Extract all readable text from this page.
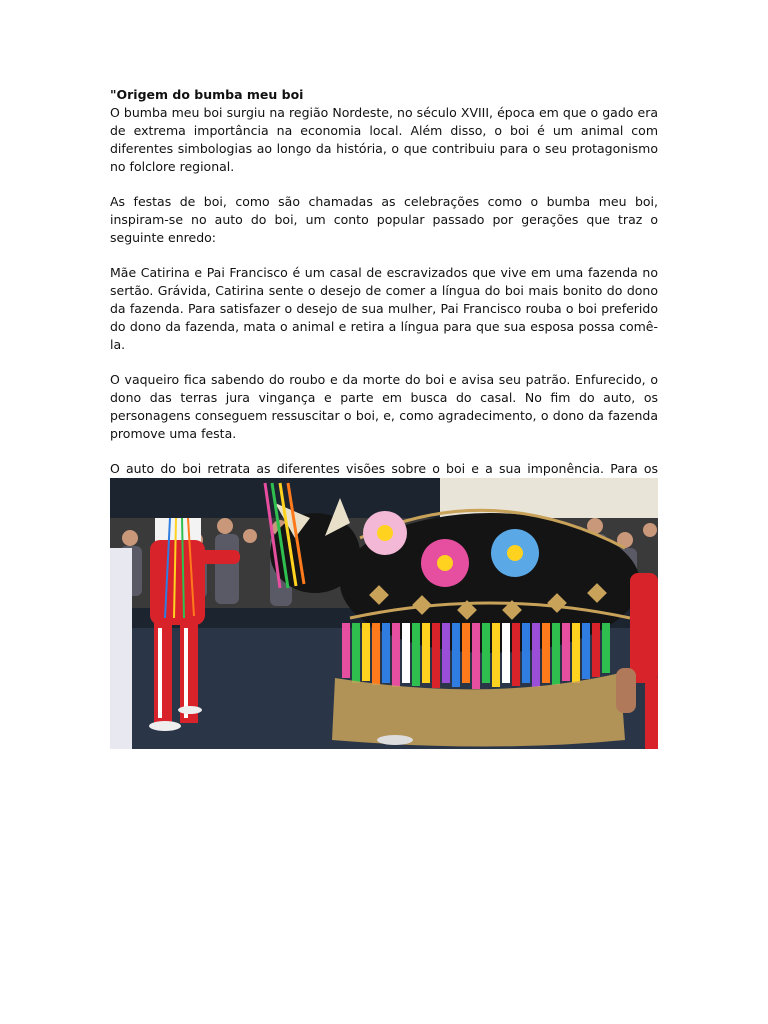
"Origem do bumba meu boi

O bumba meu boi surgiu na região Nordeste, no século XVIII, época em que o gado era de extrema importância na economia local. Além disso, o boi é um animal com diferentes simbologias ao longo da história, o que contribuiu para o seu protagonismo no folclore regional.

As festas de boi, como são chamadas as celebrações como o bumba meu boi, inspiram-se no auto do boi, um conto popular passado por gerações que traz o seguinte enredo:

Mãe Catirina e Pai Francisco é um casal de escravizados que vive em uma fazenda no sertão. Grávida, Catirina sente o desejo de comer a língua do boi mais bonito do dono da fazenda. Para satisfazer o desejo de sua mulher, Pai Francisco rouba o boi preferido do dono da fazenda, mata o animal e retira a língua para que sua esposa possa comê-la.

O vaqueiro fica sabendo do roubo e da morte do boi e avisa seu patrão. Enfurecido, o dono das terras jura vingança e parte em busca do casal. No fim do auto, os personagens conseguem ressuscitar o boi, e, como agradecimento, o dono da fazenda promove uma festa.

O auto do boi retrata as diferentes visões sobre o boi e a sua imponência. Para os
